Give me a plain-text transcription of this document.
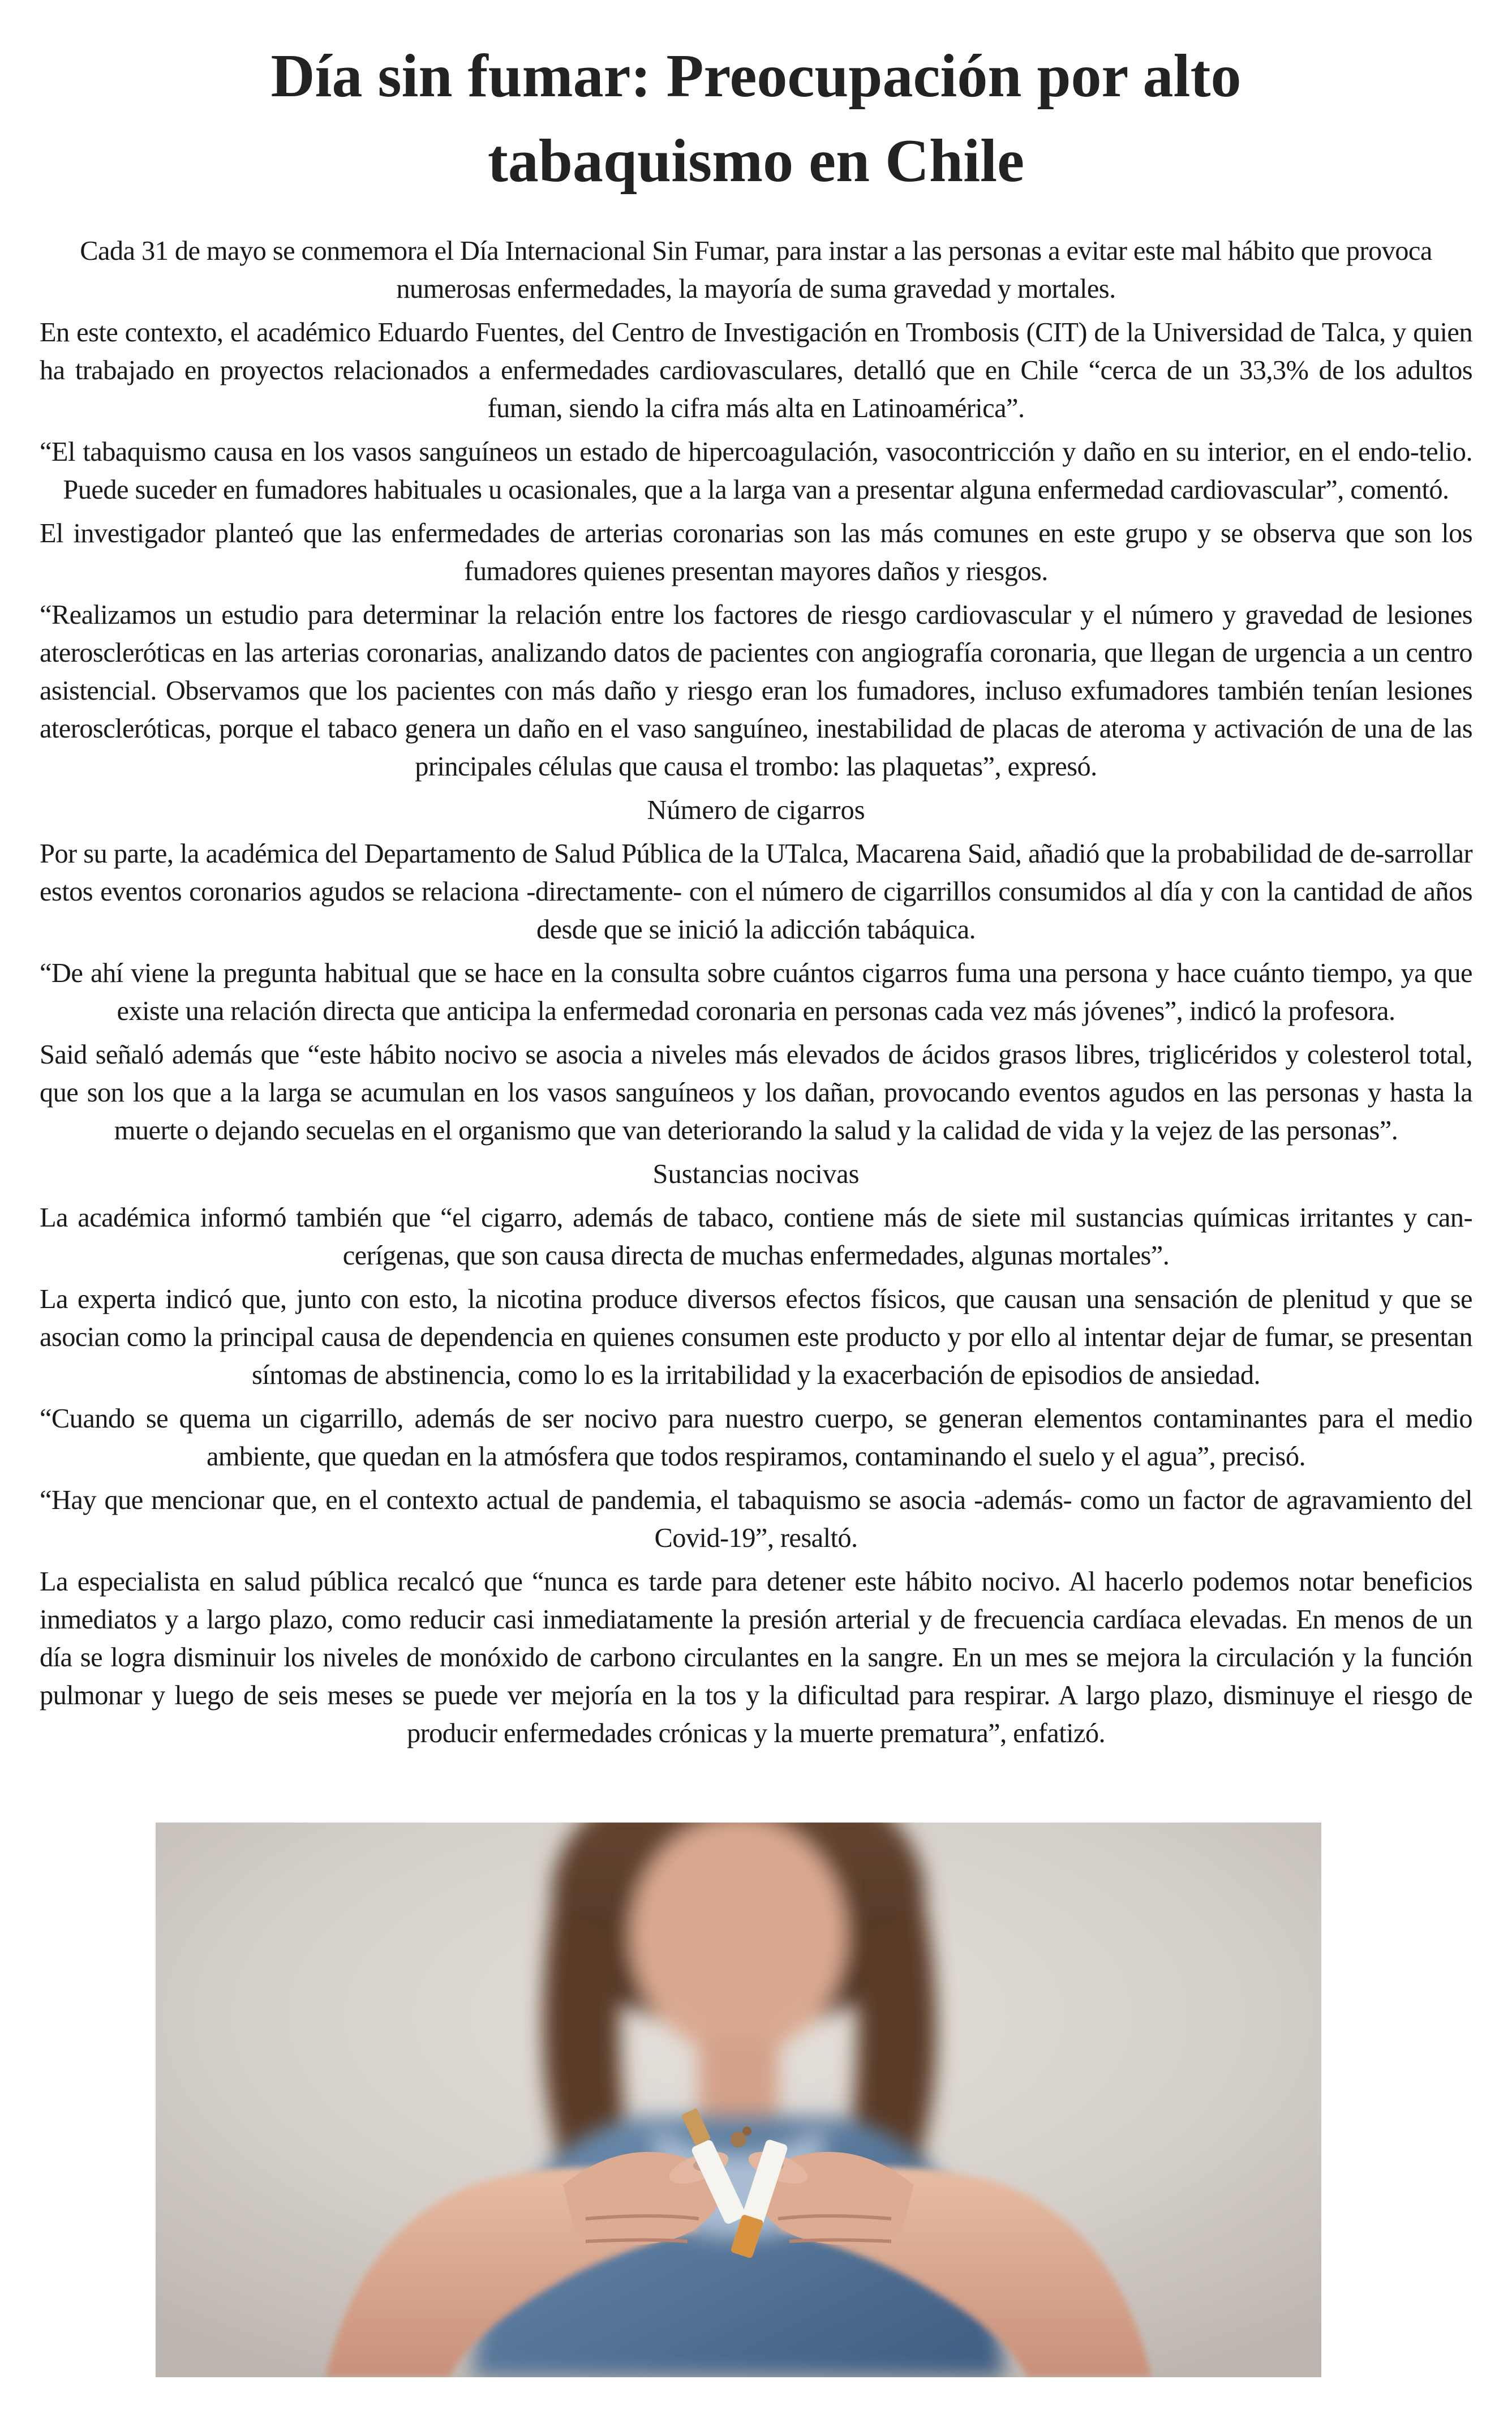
Día sin fumar: Preocupación por alto
tabaquismo en Chile

Cada 31 de mayo se conmemora el Día Internacional Sin Fumar, para instar a las personas a evitar este mal hábito que provoca numerosas enfermedades, la mayoría de suma gravedad y mortales.

En este contexto, el académico Eduardo Fuentes, del Centro de Investigación en Trombosis (CIT) de la Universidad de Talca, y quien ha trabajado en proyectos relacionados a enfermedades cardiovasculares, detalló que en Chile “cerca de un 33,3% de los adultos fuman, siendo la cifra más alta en Latinoamérica”.

“El tabaquismo causa en los vasos sanguíneos un estado de hipercoagulación, vasocontricción y daño en su interior, en el endo-telio. Puede suceder en fumadores habituales u ocasionales, que a la larga van a presentar alguna enfermedad cardiovascular”, comentó.

El investigador planteó que las enfermedades de arterias coronarias son las más comunes en este grupo y se observa que son los fumadores quienes presentan mayores daños y riesgos.

“Realizamos un estudio para determinar la relación entre los factores de riesgo cardiovascular y el número y gravedad de lesiones ateroscleróticas en las arterias coronarias, analizando datos de pacientes con angiografía coronaria, que llegan de urgencia a un centro asistencial. Observamos que los pacientes con más daño y riesgo eran los fumadores, incluso exfumadores también tenían lesiones ateroscleróticas, porque el tabaco genera un daño en el vaso sanguíneo, inestabilidad de placas de ateroma y activación de una de las principales células que causa el trombo: las plaquetas”, expresó.

Número de cigarros

Por su parte, la académica del Departamento de Salud Pública de la UTalca, Macarena Said, añadió que la probabilidad de de-sarrollar estos eventos coronarios agudos se relaciona -directamente- con el número de cigarrillos consumidos al día y con la cantidad de años desde que se inició la adicción tabáquica.

“De ahí viene la pregunta habitual que se hace en la consulta sobre cuántos cigarros fuma una persona y hace cuánto tiempo, ya que existe una relación directa que anticipa la enfermedad coronaria en personas cada vez más jóvenes”, indicó la profesora.

Said señaló además que “este hábito nocivo se asocia a niveles más elevados de ácidos grasos libres, triglicéridos y colesterol total, que son los que a la larga se acumulan en los vasos sanguíneos y los dañan, provocando eventos agudos en las personas y hasta la muerte o dejando secuelas en el organismo que van deteriorando la salud y la calidad de vida y la vejez de las personas”.

Sustancias nocivas

La académica informó también que “el cigarro, además de tabaco, contiene más de siete mil sustancias químicas irritantes y can-cerígenas, que son causa directa de muchas enfermedades, algunas mortales”.

La experta indicó que, junto con esto, la nicotina produce diversos efectos físicos, que causan una sensación de plenitud y que se asocian como la principal causa de dependencia en quienes consumen este producto y por ello al intentar dejar de fumar, se presentan síntomas de abstinencia, como lo es la irritabilidad y la exacerbación de episodios de ansiedad.

“Cuando se quema un cigarrillo, además de ser nocivo para nuestro cuerpo, se generan elementos contaminantes para el medio ambiente, que quedan en la atmósfera que todos respiramos, contaminando el suelo y el agua”, precisó.

“Hay que mencionar que, en el contexto actual de pandemia, el tabaquismo se asocia -además- como un factor de agravamiento del Covid-19”, resaltó.

La especialista en salud pública recalcó que “nunca es tarde para detener este hábito nocivo. Al hacerlo podemos notar beneficios inmediatos y a largo plazo, como reducir casi inmediatamente la presión arterial y de frecuencia cardíaca elevadas. En menos de un día se logra disminuir los niveles de monóxido de carbono circulantes en la sangre. En un mes se mejora la circulación y la función pulmonar y luego de seis meses se puede ver mejoría en la tos y la dificultad para respirar. A largo plazo, disminuye el riesgo de producir enfermedades crónicas y la muerte prematura”, enfatizó.
